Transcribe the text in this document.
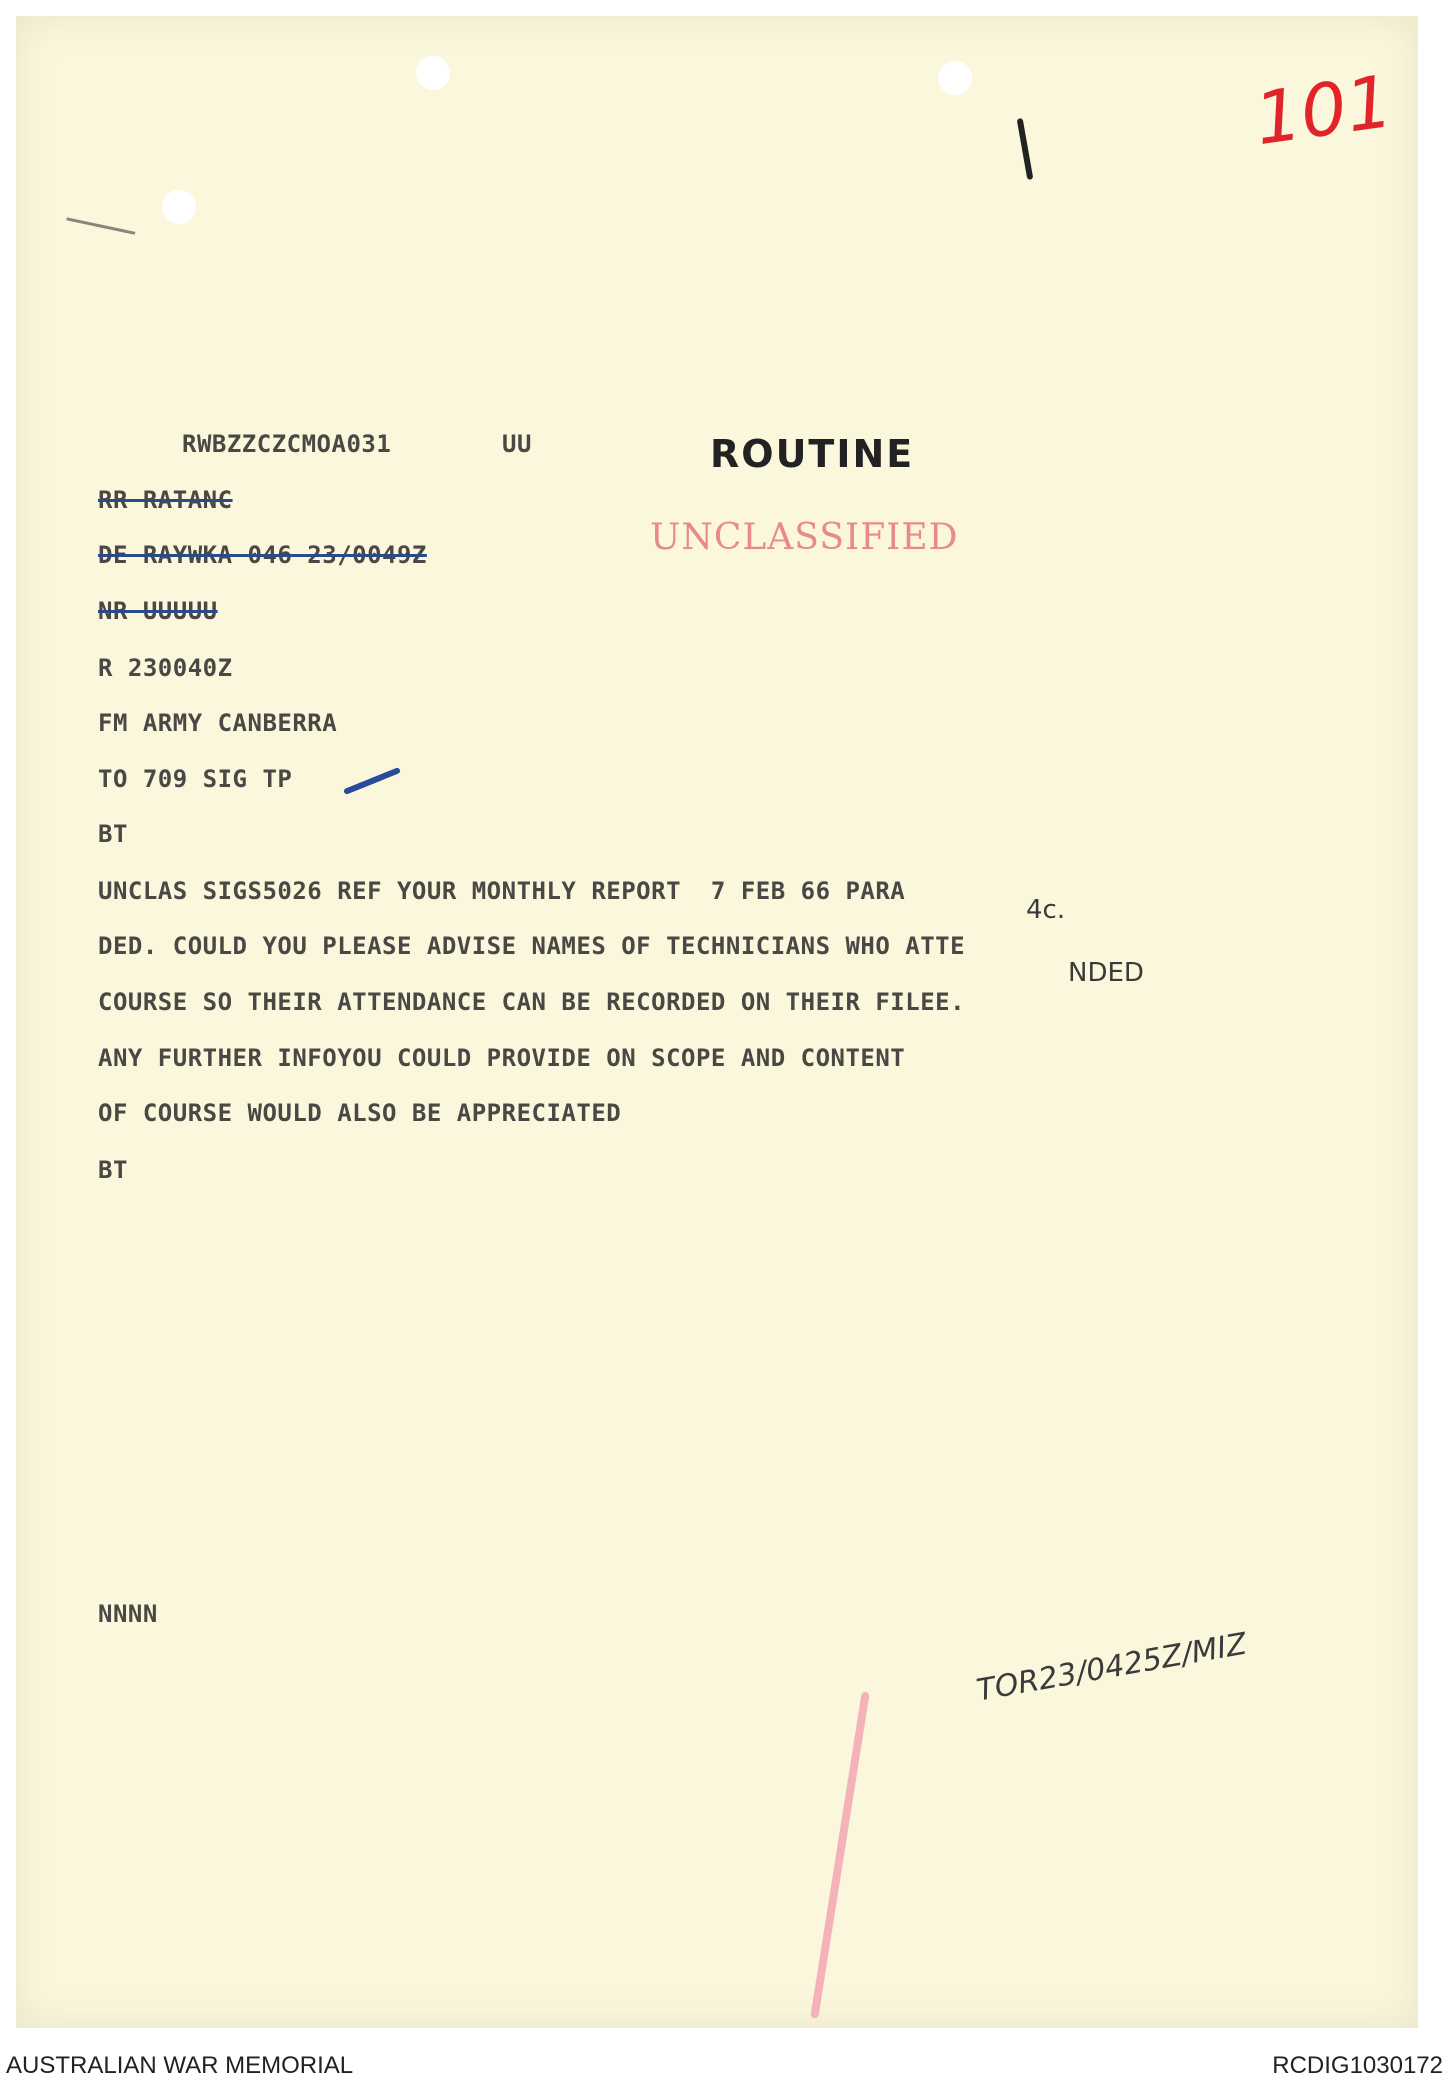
101
RWBZZCZCMOA031	UU	ROUTINE
UNCLASSIFIED
RR RATANC
DE RAYWKA 046 23/0049Z
NR UUUUU
R 230040Z
FM ARMY CANBERRA
TO 709 SIG TP
BT
UNCLAS SIGS5026 REF YOUR MONTHLY REPORT  7 FEB 66 PARA
4c.
DED. COULD YOU PLEASE ADVISE NAMES OF TECHNICIANS WHO ATTE
NDED
COURSE SO THEIR ATTENDANCE CAN BE RECORDED ON THEIR FILEE.
ANY FURTHER INFOYOU COULD PROVIDE ON SCOPE AND CONTENT
OF COURSE WOULD ALSO BE APPRECIATED
BT
NNNN
TOR23/0425Z/MIZ
AUSTRALIAN WAR MEMORIAL	RCDIG1030172
